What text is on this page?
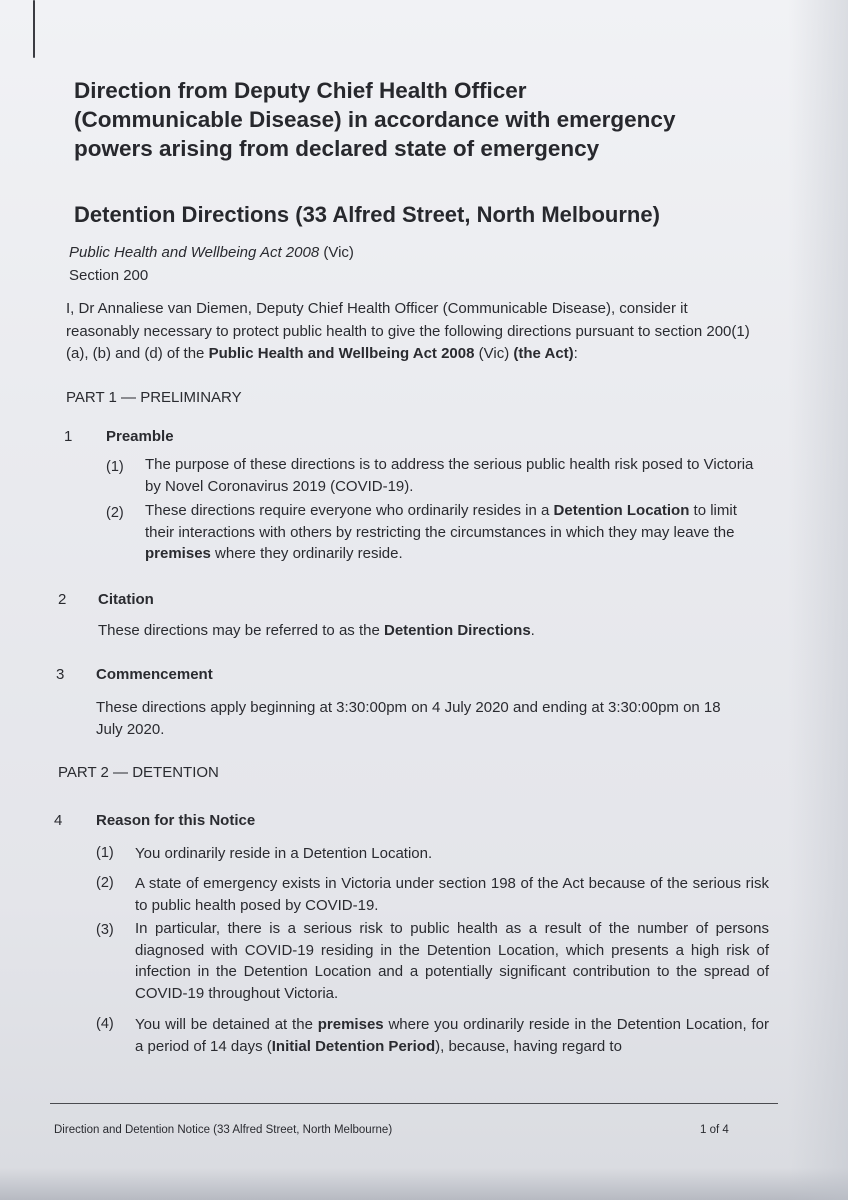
Direction from Deputy Chief Health Officer
(Communicable Disease) in accordance with emergency
powers arising from declared state of emergency
Detention Directions (33 Alfred Street, North Melbourne)

Public Health and Wellbeing Act 2008 (Vic)

Section 200

I, Dr Annaliese van Diemen, Deputy Chief Health Officer (Communicable Disease), consider it reasonably necessary to protect public health to give the following directions pursuant to section 200(1)(a), (b) and (d) of the Public Health and Wellbeing Act 2008 (Vic) (the Act):

PART 1 — PRELIMINARY

1 Preamble
(1) The purpose of these directions is to address the serious public health risk posed to Victoria by Novel Coronavirus 2019 (COVID-19).

(2) These directions require everyone who ordinarily resides in a Detention Location to limit their interactions with others by restricting the circumstances in which they may leave the premises where they ordinarily reside.

2 Citation

These directions may be referred to as the Detention Directions.

3 Commencement

These directions apply beginning at 3:30:00pm on 4 July 2020 and ending at 3:30:00pm on 18 July 2020.

PART 2 — DETENTION

4 Reason for this Notice
(1) You ordinarily reside in a Detention Location.

(2) A state of emergency exists in Victoria under section 198 of the Act because of the serious risk to public health posed by COVID-19.

(3) In particular, there is a serious risk to public health as a result of the number of persons diagnosed with COVID-19 residing in the Detention Location, which presents a high risk of infection in the Detention Location and a potentially significant contribution to the spread of COVID-19 throughout Victoria.

(4) You will be detained at the premises where you ordinarily reside in the Detention Location, for a period of 14 days (Initial Detention Period), because, having regard to

Direction and Detention Notice (33 Alfred Street, North Melbourne)	1 of 4
